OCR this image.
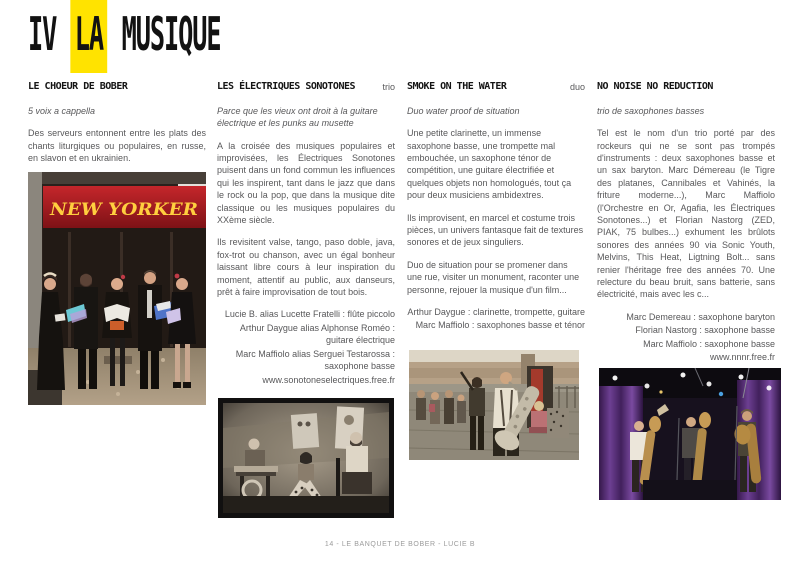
IV LA MUSIQUE
LE CHOEUR DE BOBER
5 voix a cappella

Des serveurs entonnent entre les plats des chants liturgiques ou populaires, en russe, en slavon et en ukrainien.

LES ÉLECTRIQUES SONOTONES	trio
Parce que les vieux ont droit à la guitare électrique et les punks au musette

A la croisée des musiques populaires et improvisées, les Électriques Sonotones puisent dans un fond commun les influences qui les inspirent, tant dans le jazz que dans le rock ou la pop, que dans la musique dite classique ou les musiques populaires du XXème siècle.

Ils revisitent valse, tango, paso doble, java, fox-trot ou chanson, avec un égal bonheur laissant libre cours à leur inspiration du moment, attentif au public, aux danseurs, prêt à faire improvisation de tout bois.

Lucie B. alias Lucette Fratelli : flûte piccolo
Arthur Daygue alias Alphonse Roméo : guitare électrique
Marc Maffiolo alias Serguei Testarossa : saxophone basse
www.sonotoneselectriques.free.fr
SMOKE ON THE WATER	duo
Duo water proof de situation

Une petite clarinette, un immense saxophone basse, une trompette mal embouchée, un saxophone ténor de compétition, une guitare électrifiée et quelques objets non homologués, tout ça pour deux musiciens ambidextres.

Ils improvisent, en marcel et costume trois pièces, un univers fantasque fait de textures sonores et de jeux singuliers.

Duo de situation pour se promener dans une rue, visiter un monument, raconter une personne, rejouer la musique d'un film...

Arthur Daygue : clarinette, trompette, guitare
Marc Maffiolo : saxophones basse et ténor
NO NOISE NO REDUCTION
trio de saxophones basses

Tel est le nom d'un trio porté par des rockeurs qui ne se sont pas trompés d'instruments : deux saxophones basse et un sax baryton. Marc Démereau (le Tigre des platanes, Cannibales et Vahinés, la friture moderne...), Marc Maffiolo (l'Orchestre en Or, Agafia, les Électriques Sonotones...) et Florian Nastorg (ZED, PIAK, 75 bulbes...) exhument les brûlots sonores des années 90 via Sonic Youth, Melvins, This Heat, Ligtning Bolt... sans renier l'héritage free des années 70. Une relecture du beau bruit, sans batterie, sans électricité, mais avec les c...

Marc Demereau : saxophone baryton
Florian Nastorg : saxophone basse
Marc Maffiolo : saxophone basse
www.nnnr.free.fr
NEW YORKER
14 - LE BANQUET DE BOBER - LUCIE B
